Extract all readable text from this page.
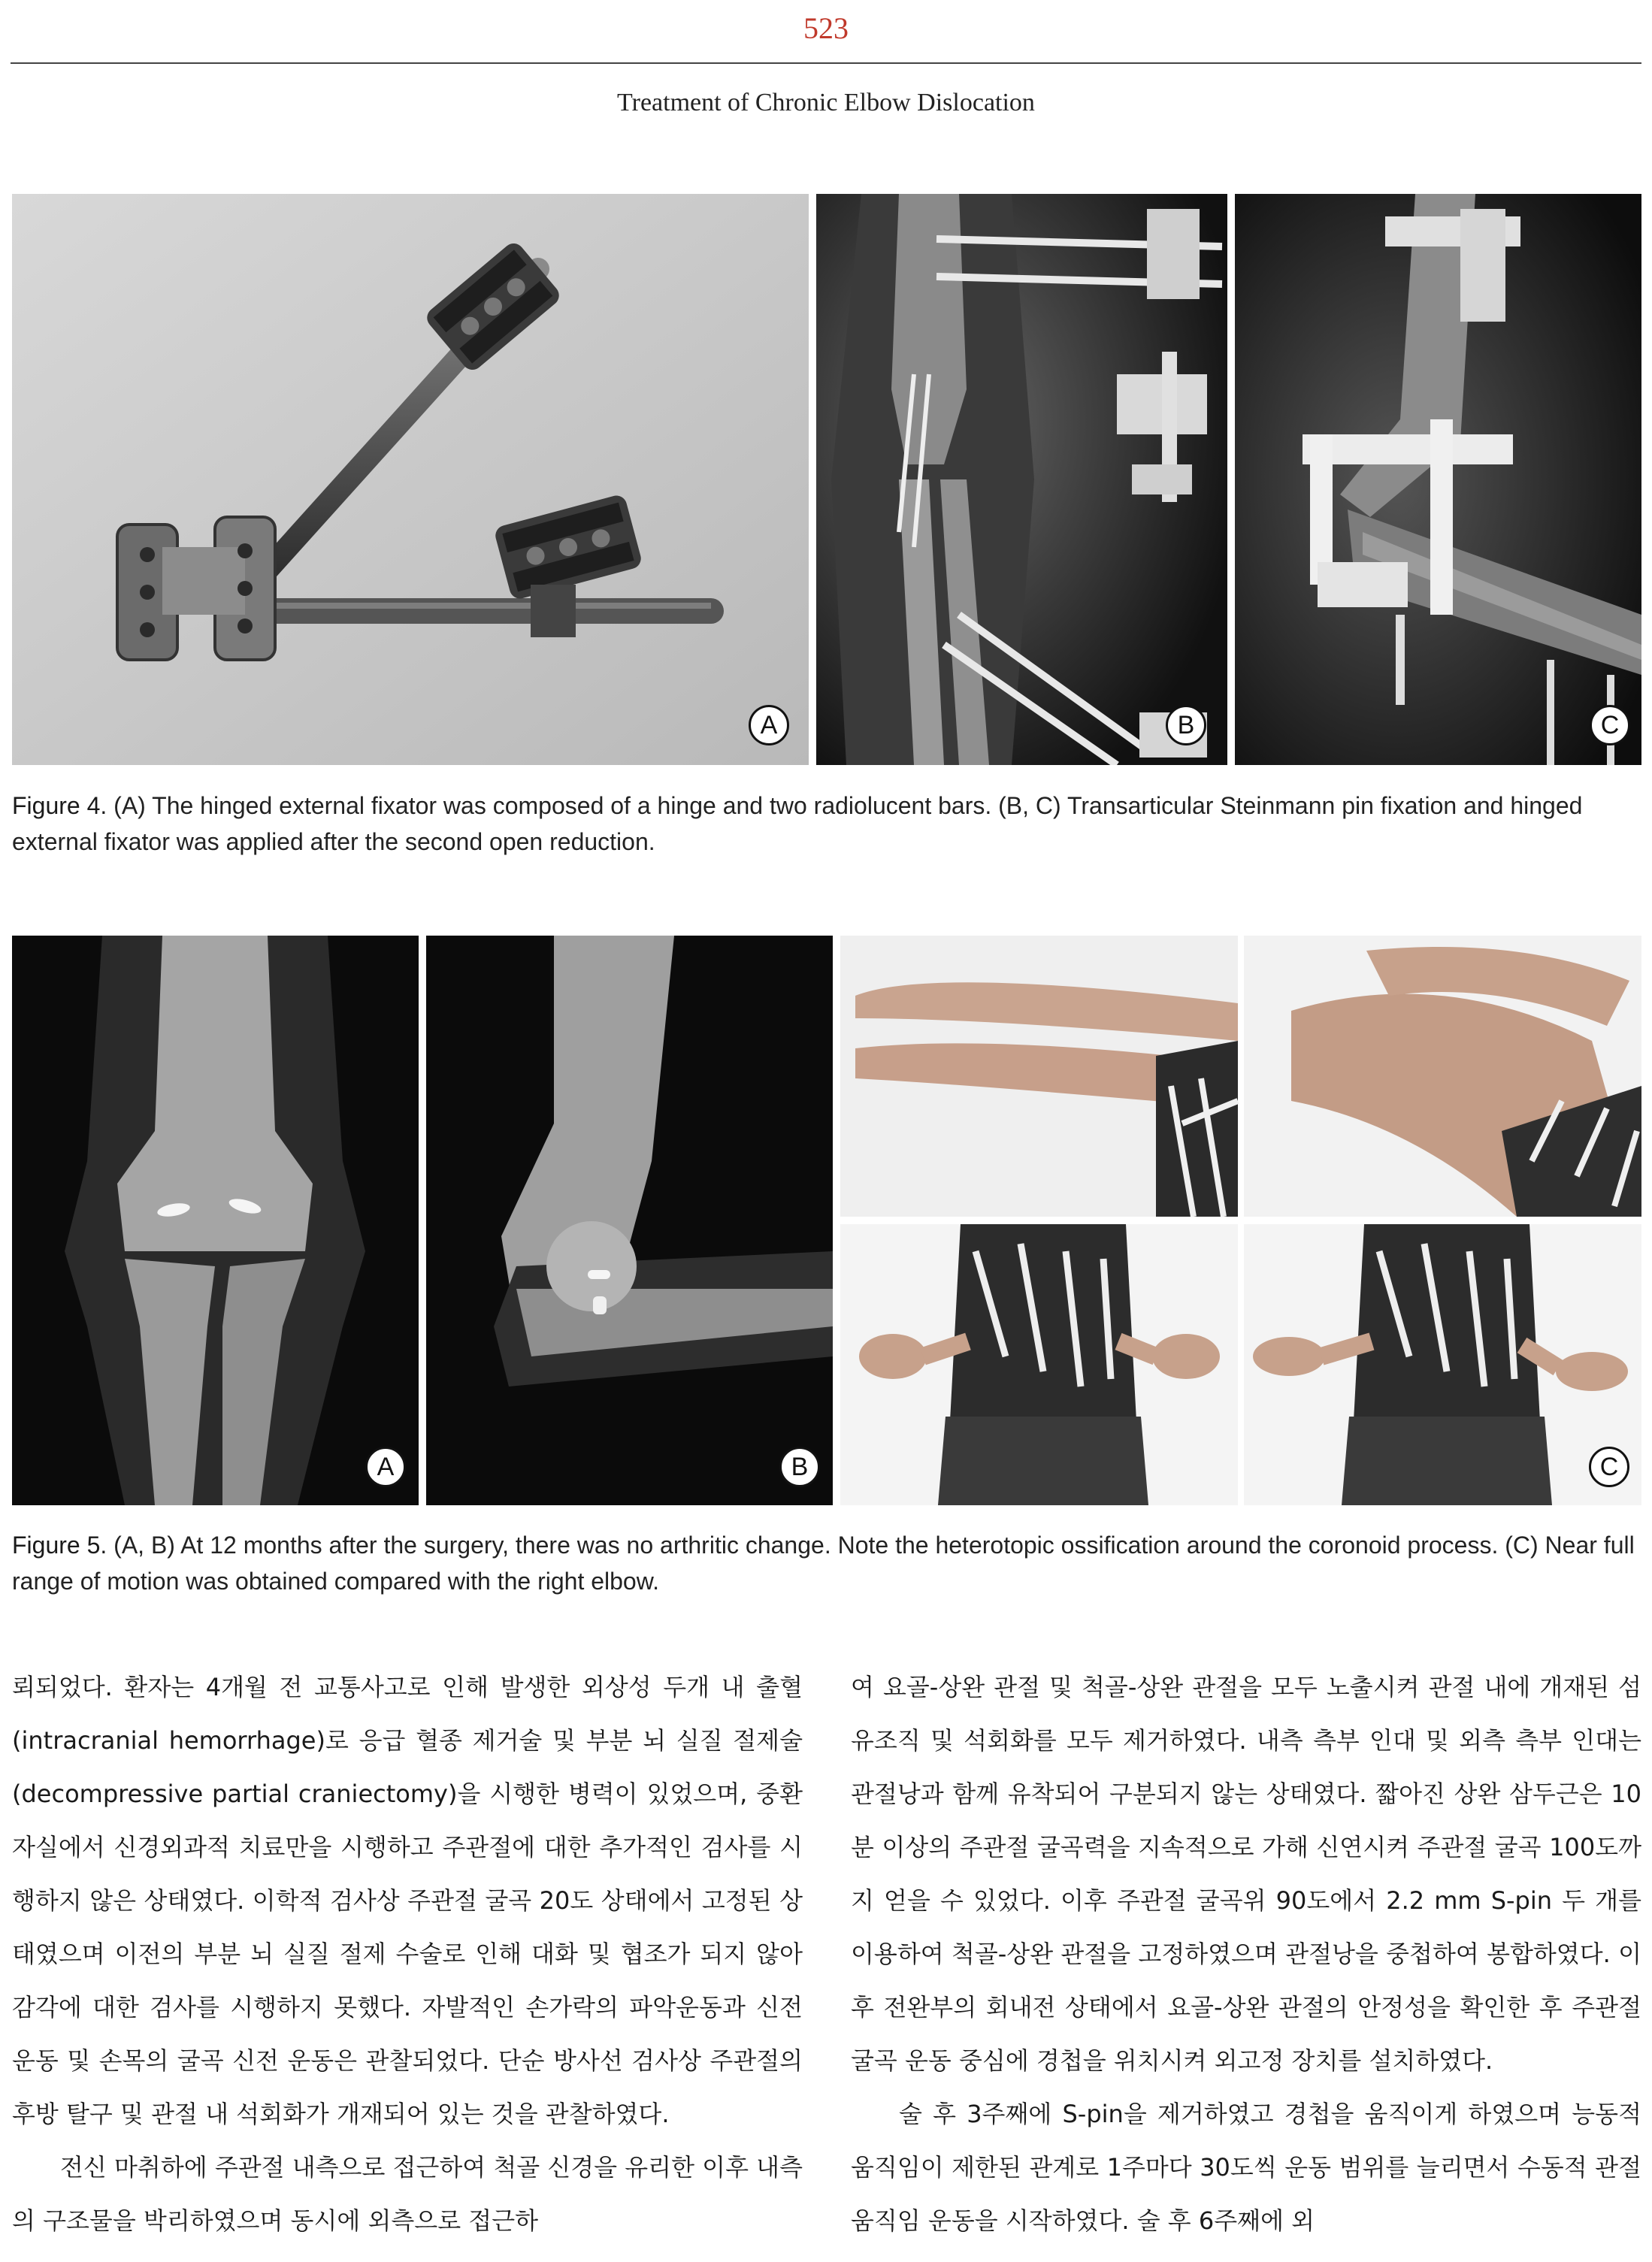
523
Treatment of Chronic Elbow Dislocation
A	B	C
Figure 4. (A) The hinged external fixator was composed of a hinge and two radiolucent bars. (B, C) Transarticular Steinmann pin fixation and hinged external fixator was applied after the second open reduction.
A	B	C
Figure 5. (A, B) At 12 months after the surgery, there was no arthritic change. Note the heterotopic ossification around the coronoid process. (C) Near full range of motion was obtained compared with the right elbow.

뢰되었다. 환자는 4개월 전 교통사고로 인해 발생한 외상성 두개 내 출혈(intracranial hemorrhage)로 응급 혈종 제거술 및 부분 뇌 실질 절제술(decompressive partial craniectomy)을 시행한 병력이 있었으며, 중환자실에서 신경외과적 치료만을 시행하고 주관절에 대한 추가적인 검사를 시행하지 않은 상태였다. 이학적 검사상 주관절 굴곡 20도 상태에서 고정된 상태였으며 이전의 부분 뇌 실질 절제 수술로 인해 대화 및 협조가 되지 않아 감각에 대한 검사를 시행하지 못했다. 자발적인 손가락의 파악운동과 신전 운동 및 손목의 굴곡 신전 운동은 관찰되었다. 단순 방사선 검사상 주관절의 후방 탈구 및 관절 내 석회화가 개재되어 있는 것을 관찰하였다.

전신 마취하에 주관절 내측으로 접근하여 척골 신경을 유리한 이후 내측의 구조물을 박리하였으며 동시에 외측으로 접근하

여 요골-상완 관절 및 척골-상완 관절을 모두 노출시켜 관절 내에 개재된 섬유조직 및 석회화를 모두 제거하였다. 내측 측부 인대 및 외측 측부 인대는 관절낭과 함께 유착되어 구분되지 않는 상태였다. 짧아진 상완 삼두근은 10분 이상의 주관절 굴곡력을 지속적으로 가해 신연시켜 주관절 굴곡 100도까지 얻을 수 있었다. 이후 주관절 굴곡위 90도에서 2.2 mm S-pin 두 개를 이용하여 척골-상완 관절을 고정하였으며 관절낭을 중첩하여 봉합하였다. 이후 전완부의 회내전 상태에서 요골-상완 관절의 안정성을 확인한 후 주관절 굴곡 운동 중심에 경첩을 위치시켜 외고정 장치를 설치하였다.

술 후 3주째에 S-pin을 제거하였고 경첩을 움직이게 하였으며 능동적 움직임이 제한된 관계로 1주마다 30도씩 운동 범위를 늘리면서 수동적 관절 움직임 운동을 시작하였다. 술 후 6주째에 외
